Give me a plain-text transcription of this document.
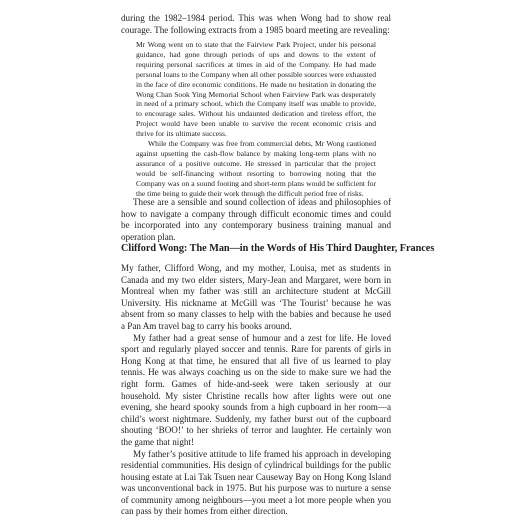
during the 1982–1984 period. This was when Wong had to show real courage. The following extracts from a 1985 board meeting are revealing:

Mr Wong went on to state that the Fairview Park Project, under his personal guidance, had gone through periods of ups and downs to the extent of requiring personal sacrifices at times in aid of the Company. He had made personal loans to the Company when all other possible sources were exhausted in the face of dire economic conditions. He made no hesitation in donating the Wong Chan Sook Ying Memorial School when Fairview Park was desperately in need of a primary school, which the Company itself was unable to provide, to encourage sales. Without his undaunted dedication and tireless effort, the Project would have been unable to survive the recent economic crisis and thrive for its ultimate success.

While the Company was free from commercial debts, Mr Wong cautioned against upsetting the cash-flow balance by making long-term plans with no assurance of a positive outcome. He stressed in particular that the project would be self-financing without resorting to borrowing noting that the Company was on a sound footing and short-term plans would be sufficient for the time being to guide their work through the difficult period free of risks.

These are a sensible and sound collection of ideas and philosophies of how to navigate a company through difficult economic times and could be incorporated into any contemporary business training manual and operation plan.

Clifford Wong: The Man—in the Words of His Third Daughter, Frances

My father, Clifford Wong, and my mother, Louisa, met as students in Canada and my two elder sisters, Mary-Jean and Margaret, were born in Montreal when my father was still an architecture student at McGill University. His nickname at McGill was ‘The Tourist’ because he was absent from so many classes to help with the babies and because he used a Pan Am travel bag to carry his books around.

My father had a great sense of humour and a zest for life. He loved sport and regularly played soccer and tennis. Rare for parents of girls in Hong Kong at that time, he ensured that all five of us learned to play tennis. He was always coaching us on the side to make sure we had the right form. Games of hide-and-seek were taken seriously at our household. My sister Christine recalls how after lights were out one evening, she heard spooky sounds from a high cupboard in her room—a child’s worst nightmare. Suddenly, my father burst out of the cupboard shouting ‘BOO!’ to her shrieks of terror and laughter. He certainly won the game that night!

My father’s positive attitude to life framed his approach in developing residential communities. His design of cylindrical buildings for the public housing estate at Lai Tak Tsuen near Causeway Bay on Hong Kong Island was unconventional back in 1975. But his purpose was to nurture a sense of community among neighbours—you meet a lot more people when you can pass by their homes from either direction.
